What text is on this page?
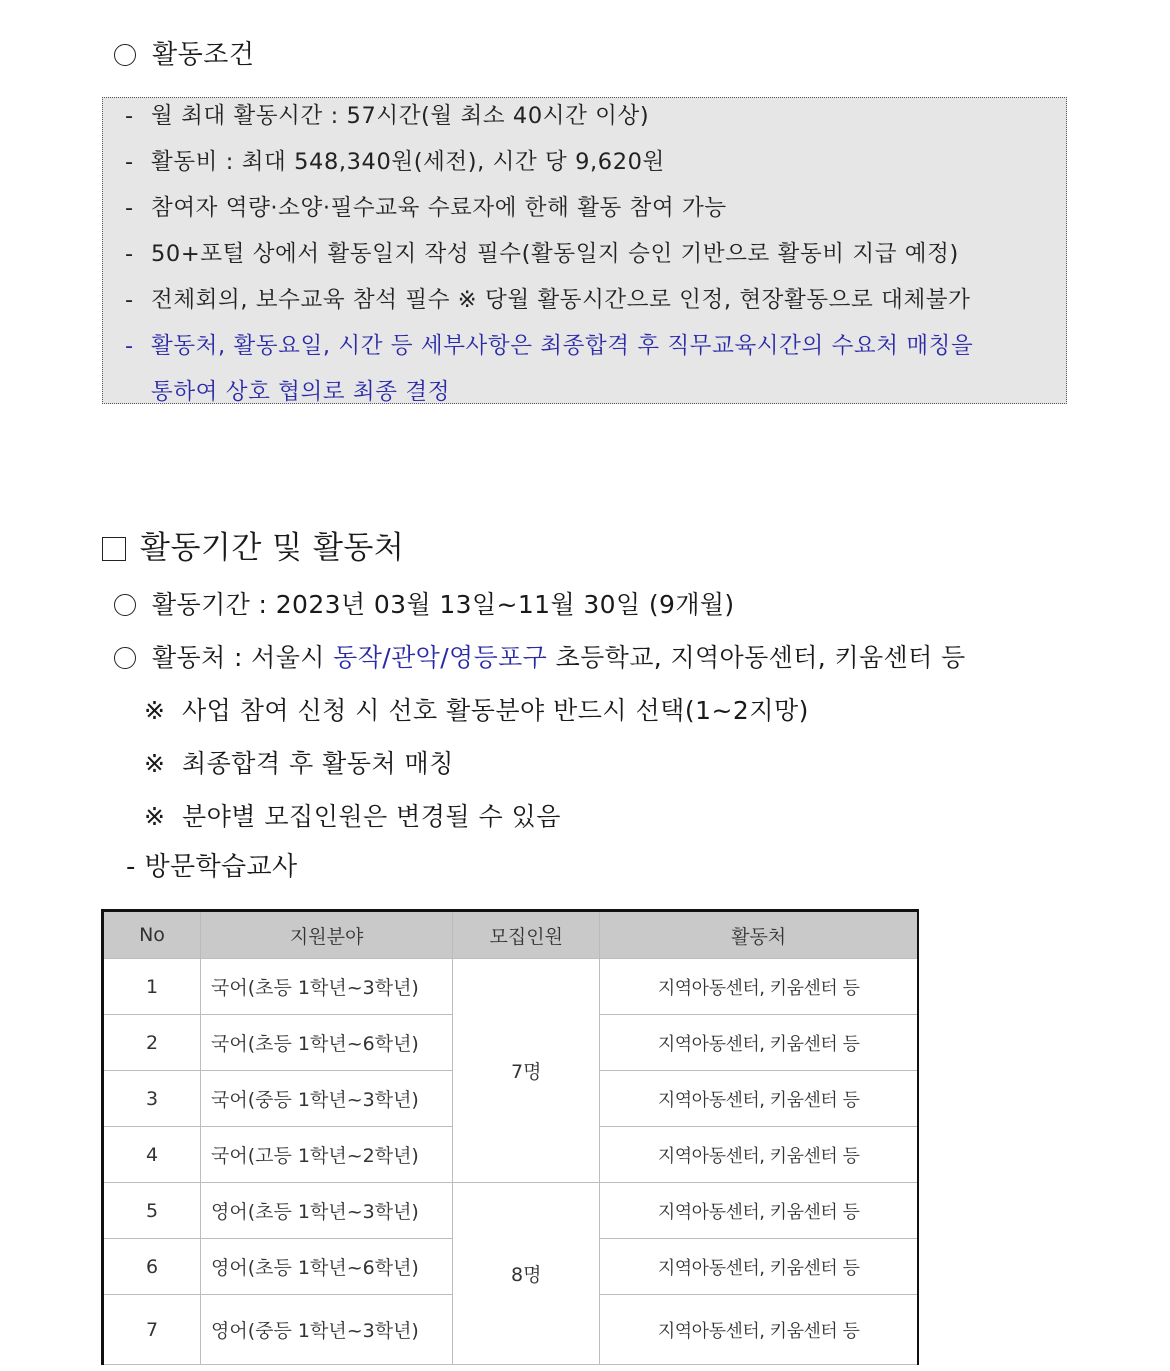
활동조건
- 월 최대 활동시간 : 57시간(월 최소 40시간 이상)
- 활동비 : 최대 548,340원(세전), 시간 당 9,620원
- 참여자 역량·소양·필수교육 수료자에 한해 활동 참여 가능
- 50+포털 상에서 활동일지 작성 필수(활동일지 승인 기반으로 활동비 지급 예정)
- 전체회의, 보수교육 참석 필수 ※ 당월 활동시간으로 인정, 현장활동으로 대체불가
- 활동처, 활동요일, 시간 등 세부사항은 최종합격 후 직무교육시간의 수요처 매칭을
통하여 상호 협의로 최종 결정
활동기간 및 활동처
활동기간 : 2023년 03월 13일~11월 30일 (9개월)
활동처 : 서울시 동작/관악/영등포구 초등학교, 지역아동센터, 키움센터 등
※ 사업 참여 신청 시 선호 활동분야 반드시 선택(1~2지망)
※ 최종합격 후 활동처 매칭
※ 분야별 모집인원은 변경될 수 있음
- 방문학습교사
No	지원분야	모집인원	활동처
1	국어(초등 1학년~3학년)	7명	지역아동센터, 키움센터 등
2	국어(초등 1학년~6학년)		지역아동센터, 키움센터 등
3	국어(중등 1학년~3학년)		지역아동센터, 키움센터 등
4	국어(고등 1학년~2학년)		지역아동센터, 키움센터 등
5	영어(초등 1학년~3학년)	8명	지역아동센터, 키움센터 등
6	영어(초등 1학년~6학년)		지역아동센터, 키움센터 등
7	영어(중등 1학년~3학년)		지역아동센터, 키움센터 등
